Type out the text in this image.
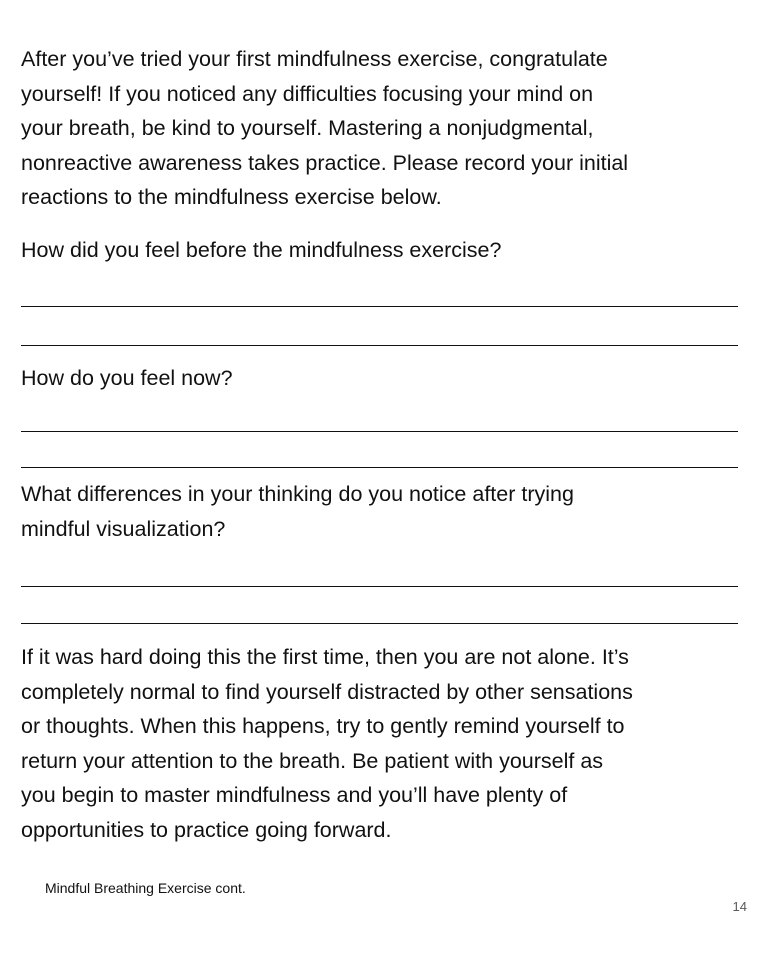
After you’ve tried your first mindfulness exercise, congratulate
yourself! If you noticed any difficulties focusing your mind on
your breath, be kind to yourself. Mastering a nonjudgmental,
nonreactive awareness takes practice. Please record your initial
reactions to the mindfulness exercise below.

How did you feel before the mindfulness exercise?

How do you feel now?

What differences in your thinking do you notice after trying
mindful visualization?

If it was hard doing this the first time, then you are not alone. It’s
completely normal to find yourself distracted by other sensations
or thoughts. When this happens, try to gently remind yourself to
return your attention to the breath. Be patient with yourself as
you begin to master mindfulness and you’ll have plenty of
opportunities to practice going forward.

Mindful Breathing Exercise cont.
14
